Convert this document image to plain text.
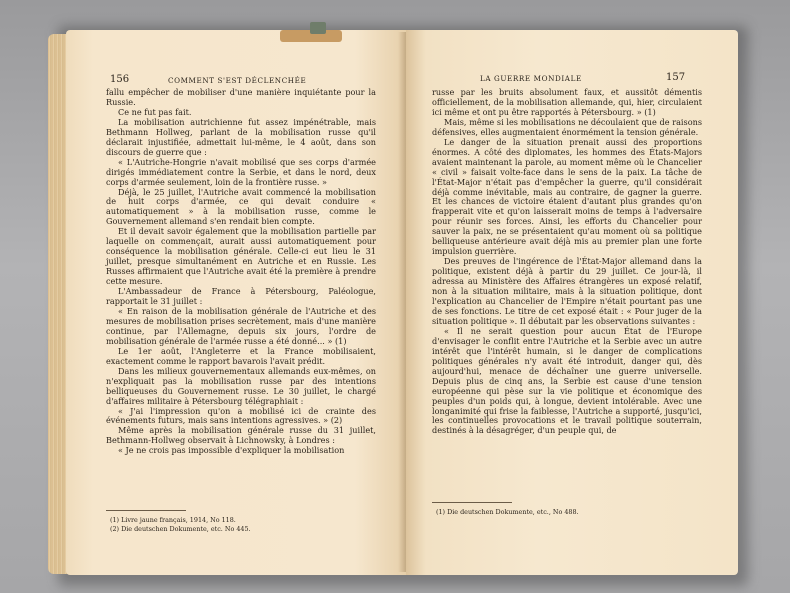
156	COMMENT S'EST DÉCLENCHÉE

fallu empêcher de mobiliser d'une manière inquiétante pour la Russie.

Ce ne fut pas fait.

La mobilisation autrichienne fut assez impénétrable, mais Bethmann Hollweg, parlant de la mobilisation russe qu'il déclarait injustifiée, admettait lui-même, le 4 août, dans son discours de guerre que :

« L'Autriche-Hongrie n'avait mobilisé que ses corps d'armée dirigés immédiatement contre la Serbie, et dans le nord, deux corps d'armée seulement, loin de la frontière russe. »

Déjà, le 25 juillet, l'Autriche avait commencé la mobilisation de huit corps d'armée, ce qui devait conduire « automatiquement » à la mobilisation russe, comme le Gouvernement allemand s'en rendait bien compte.

Et il devait savoir également que la mobilisation partielle par laquelle on commençait, aurait aussi automatiquement pour conséquence la mobilisation générale. Celle-ci eut lieu le 31 juillet, presque simultanément en Autriche et en Russie. Les Russes affirmaient que l'Autriche avait été la première à prendre cette mesure.

L'Ambassadeur de France à Pétersbourg, Paléologue, rapportait le 31 juillet :

« En raison de la mobilisation générale de l'Autriche et des mesures de mobilisation prises secrètement, mais d'une manière continue, par l'Allemagne, depuis six jours, l'ordre de mobilisation générale de l'armée russe a été donné... » (1)

Le 1er août, l'Angleterre et la France mobilisaient, exactement comme le rapport bavarois l'avait prédit.

Dans les milieux gouvernementaux allemands eux-mêmes, on n'expliquait pas la mobilisation russe par des intentions belliqueuses du Gouvernement russe. Le 30 juillet, le chargé d'affaires militaire à Pétersbourg télégraphiait :

« J'ai l'impression qu'on a mobilisé ici de crainte des événements futurs, mais sans intentions agressives. » (2)

Même après la mobilisation générale russe du 31 juillet, Bethmann-Hollweg observait à Lichnowsky, à Londres :

« Je ne crois pas impossible d'expliquer la mobilisation

(1) Livre jaune français, 1914, No 118.

(2) Die deutschen Dokumente, etc. No 445.

LA GUERRE MONDIALE	157

russe par les bruits absolument faux, et aussitôt démentis officiellement, de la mobilisation allemande, qui, hier, circulaient ici même et ont pu être rapportés à Pétersbourg. » (1)

Mais, même si les mobilisations ne découlaient que de raisons défensives, elles augmentaient énormément la tension générale.

Le danger de la situation prenait aussi des proportions énormes. A côté des diplomates, les hommes des États-Majors avaient maintenant la parole, au moment même où le Chancelier « civil » faisait volte-face dans le sens de la paix. La tâche de l'État-Major n'était pas d'empêcher la guerre, qu'il considérait déjà comme inévitable, mais au contraire, de gagner la guerre. Et les chances de victoire étaient d'autant plus grandes qu'on frapperait vite et qu'on laisserait moins de temps à l'adversaire pour réunir ses forces. Ainsi, les efforts du Chancelier pour sauver la paix, ne se présentaient qu'au moment où sa politique belliqueuse antérieure avait déjà mis au premier plan une forte impulsion guerrière.

Des preuves de l'ingérence de l'État-Major allemand dans la politique, existent déjà à partir du 29 juillet. Ce jour-là, il adressa au Ministère des Affaires étrangères un exposé relatif, non à la situation militaire, mais à la situation politique, dont l'explication au Chancelier de l'Empire n'était pourtant pas une de ses fonctions. Le titre de cet exposé était : « Pour juger de la situation politique ». Il débutait par les observations suivantes :

« Il ne serait question pour aucun État de l'Europe d'envisager le conflit entre l'Autriche et la Serbie avec un autre intérêt que l'intérêt humain, si le danger de complications politiques générales n'y avait été introduit, danger qui, dès aujourd'hui, menace de déchaîner une guerre universelle. Depuis plus de cinq ans, la Serbie est cause d'une tension européenne qui pèse sur la vie politique et économique des peuples d'un poids qui, à longue, devient intolérable. Avec une longanimité qui frise la faiblesse, l'Autriche a supporté, jusqu'ici, les continuelles provocations et le travail politique souterrain, destinés à la désagréger, d'un peuple qui, de

(1) Die deutschen Dokumente, etc., No 488.
